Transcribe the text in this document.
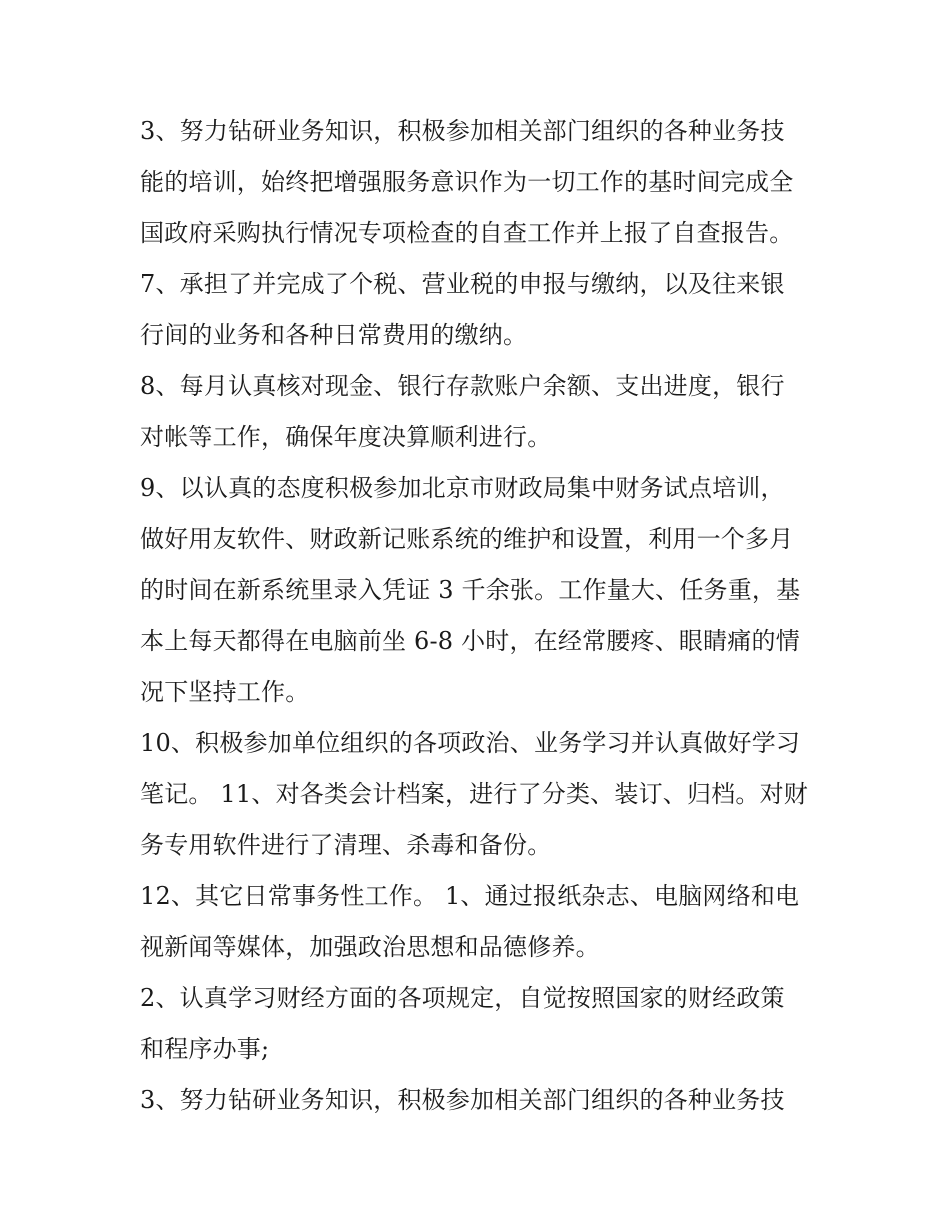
3、努力钻研业务知识，积极参加相关部门组织的各种业务技
能的培训，始终把增强服务意识作为一切工作的基时间完成全
国政府采购执行情况专项检查的自查工作并上报了自查报告。
7、承担了并完成了个税、营业税的申报与缴纳，以及往来银
行间的业务和各种日常费用的缴纳。
8、每月认真核对现金、银行存款账户余额、支出进度，银行
对帐等工作，确保年度决算顺利进行。
9、以认真的态度积极参加北京市财政局集中财务试点培训，
做好用友软件、财政新记账系统的维护和设置，利用一个多月
的时间在新系统里录入凭证 3 千余张。工作量大、任务重，基
本上每天都得在电脑前坐 6-8 小时，在经常腰疼、眼睛痛的情
况下坚持工作。
10、积极参加单位组织的各项政治、业务学习并认真做好学习
笔记。 11、对各类会计档案，进行了分类、装订、归档。对财
务专用软件进行了清理、杀毒和备份。
12、其它日常事务性工作。 1、通过报纸杂志、电脑网络和电
视新闻等媒体，加强政治思想和品德修养。
2、认真学习财经方面的各项规定，自觉按照国家的财经政策
和程序办事;
3、努力钻研业务知识，积极参加相关部门组织的各种业务技
